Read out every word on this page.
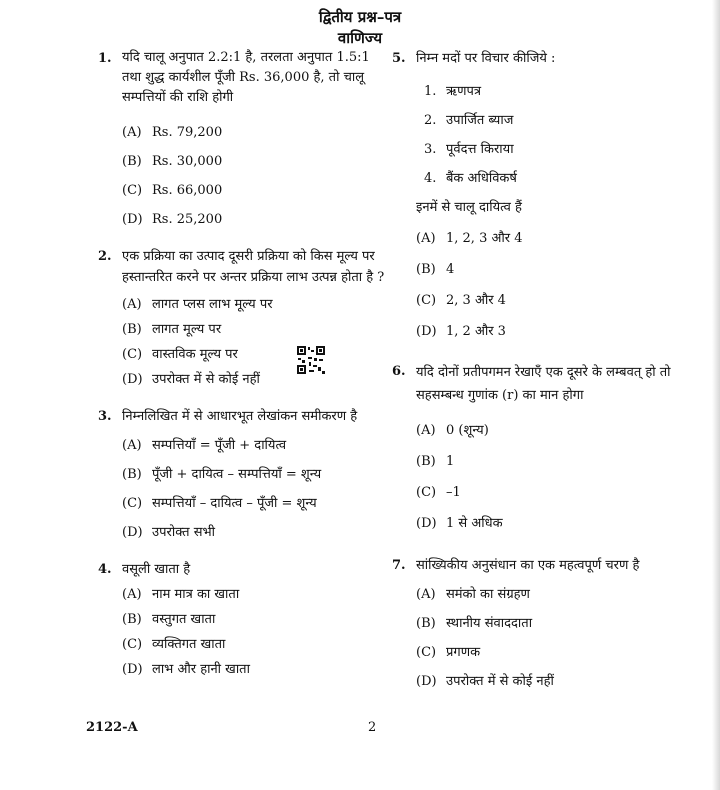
द्वितीय प्रश्न–पत्र
वाणिज्य
1. यदि चालू अनुपात 2.2:1 है, तरलता अनुपात 1.5:1 तथा शुद्ध कार्यशील पूँजी Rs. 36,000 है, तो चालू सम्पत्तियों की राशि होगी
(A) Rs. 79,200
(B) Rs. 30,000
(C) Rs. 66,000
(D) Rs. 25,200
2. एक प्रक्रिया का उत्पाद दूसरी प्रक्रिया को किस मूल्य पर हस्तान्तरित करने पर अन्तर प्रक्रिया लाभ उत्पन्न होता है ?
(A) लागत प्लस लाभ मूल्य पर
(B) लागत मूल्य पर
(C) वास्तविक मूल्य पर
(D) उपरोक्त में से कोई नहीं
3. निम्नलिखित में से आधारभूत लेखांकन समीकरण है
(A) सम्पत्तियाँ = पूँजी + दायित्व
(B) पूँजी + दायित्व – सम्पत्तियाँ = शून्य
(C) सम्पत्तियाँ – दायित्व – पूँजी = शून्य
(D) उपरोक्त सभी
4. वसूली खाता है
(A) नाम मात्र का खाता
(B) वस्तुगत खाता
(C) व्यक्तिगत खाता
(D) लाभ और हानी खाता
5. निम्न मदों पर विचार कीजिये :
1. ऋणपत्र
2. उपार्जित ब्याज
3. पूर्वदत्त किराया
4. बैंक अधिविकर्ष
इनमें से चालू दायित्व हैं
(A) 1, 2, 3 और 4
(B) 4
(C) 2, 3 और 4
(D) 1, 2 और 3
6. यदि दोनों प्रतीपगमन रेखाएँ एक दूसरे के लम्बवत् हो तो सहसम्बन्ध गुणांक (r) का मान होगा
(A) 0 (शून्य)
(B) 1
(C) –1
(D) 1 से अधिक
7. सांख्यिकीय अनुसंधान का एक महत्वपूर्ण चरण है
(A) समंको का संग्रहण
(B) स्थानीय संवाददाता
(C) प्रगणक
(D) उपरोक्त में से कोई नहीं
2122-A	2
